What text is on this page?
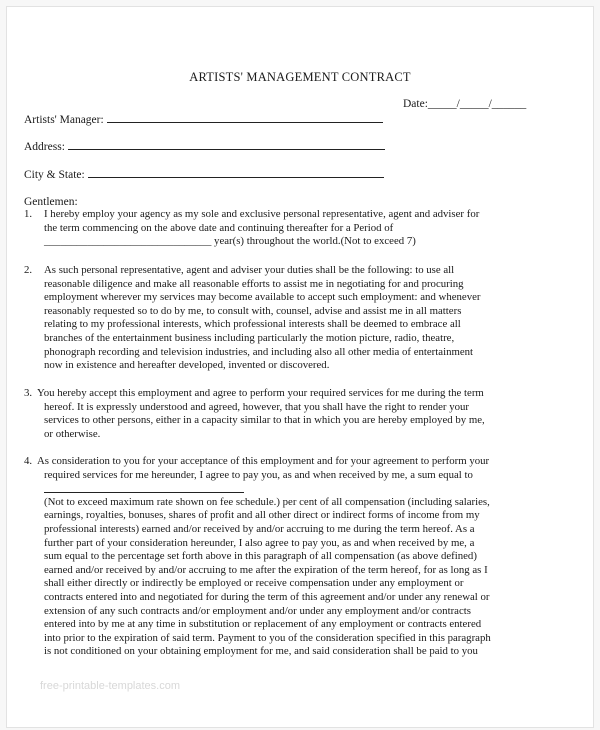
ARTISTS' MANAGEMENT CONTRACT
Date:_____/_____/______
Artists' Manager:
Address:
City & State:
Gentlemen:
1. I hereby employ your agency as my sole and exclusive personal representative, agent and adviser for
the term commencing on the above date and continuing thereafter for a Period of
_______________________________ year(s) throughout the world.(Not to exceed 7)
2. As such personal representative, agent and adviser your duties shall be the following: to use all
reasonable diligence and make all reasonable efforts to assist me in negotiating for and procuring
employment wherever my services may become available to accept such employment: and whenever
reasonably requested so to do by me, to consult with, counsel, advise and assist me in all matters
relating to my professional interests, which professional interests shall be deemed to embrace all
branches of the entertainment business including particularly the motion picture, radio, theatre,
phonograph recording and television industries, and including also all other media of entertainment
now in existence and hereafter developed, invented or discovered.
3. You hereby accept this employment and agree to perform your required services for me during the term
hereof. It is expressly understood and agreed, however, that you shall have the right to render your
services to other persons, either in a capacity similar to that in which you are hereby employed by me,
or otherwise.
4. As consideration to you for your acceptance of this employment and for your agreement to perform your
required services for me hereunder, I agree to pay you, as and when received by me, a sum equal to
(Not to exceed maximum rate shown on fee schedule.) per cent of all compensation (including salaries,
earnings, royalties, bonuses, shares of profit and all other direct or indirect forms of income from my
professional interests) earned and/or received by and/or accruing to me during the term hereof. As a
further part of your consideration hereunder, I also agree to pay you, as and when received by me, a
sum equal to the percentage set forth above in this paragraph of all compensation (as above defined)
earned and/or received by and/or accruing to me after the expiration of the term hereof, for as long as I
shall either directly or indirectly be employed or receive compensation under any employment or
contracts entered into and negotiated for during the term of this agreement and/or under any renewal or
extension of any such contracts and/or employment and/or under any employment and/or contracts
entered into by me at any time in substitution or replacement of any employment or contracts entered
into prior to the expiration of said term. Payment to you of the consideration specified in this paragraph
is not conditioned on your obtaining employment for me, and said consideration shall be paid to you
free-printable-templates.com
